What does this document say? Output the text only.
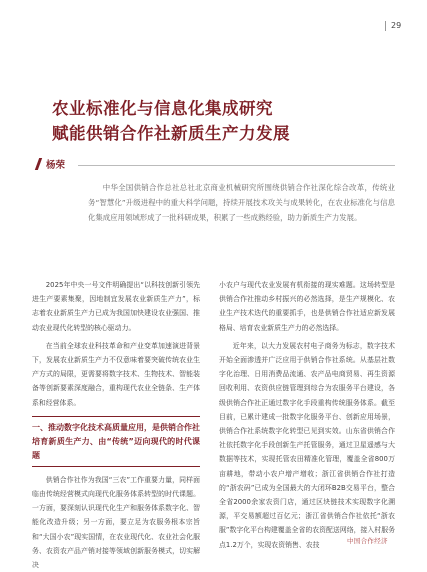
29
农业标准化与信息化集成研究
赋能供销合作社新质生产力发展
杨荣
中华全国供销合作总社总社北京商业机械研究所围绕供销合作社深化综合改革，传统业务“智慧化”升级进程中的重大科学问题，持续开展技术攻关与成果转化，在农业标准化与信息化集成应用领域形成了一批科研成果，积累了一些成熟经验，助力新质生产力发展。

2025年中央一号文件明确提出“以科技创新引领先进生产要素集聚，因地制宜发展农业新质生产力”，标志着农业新质生产力已成为我国加快建设农业强国、推动农业现代化转型的核心驱动力。

在当前全球农业科技革命和产业变革加速演进背景下，发展农业新质生产力不仅意味着要突破传统农业生产方式的局限，更需要将数字技术、生物技术、智能装备等创新要素深度融合，重构现代农业全链条、生产体系和经营体系。

一、推动数字化技术高质量应用，是供销合作社
培育新质生产力、由“传统”迈向现代的时代课题

供销合作社作为我国“三农”工作重要力量，同样面临由传统经营模式向现代化服务体系转型的时代课题。一方面，要深刻认识现代化生产和服务体系数字化、智能化改造升级；另一方面，要立足为农服务根本宗旨和“大国小农”现实国情，在农业现代化、农业社会化服务、农资农产品产销对接等领域创新服务模式，切实解决

小农户与现代农业发展有机衔接的现实难题。这场转型是供销合作社推动乡村振兴的必然选择，是生产规模化、农业生产技术迭代的重要抓手，也是供销合作社适应新发展格局、培育农业新质生产力的必然选择。

近年来，以大力发展农村电子商务为标志，数字技术开始全面渗透并广泛应用于供销合作社系统。从基层社数字化治理、日用消费品流通、农产品电商贸易、再生资源回收利用、农资供应链管理到综合为农服务平台建设，各级供销合作社正通过数字化手段重构传统服务体系。截至目前，已累计建成一批数字化服务平台、创新应用场景，供销合作社系统数字化转型已见到实效。山东省供销合作社依托数字化手段创新生产托管服务，通过卫星遥感与大数据等技术，实现托管农田精准化管理，覆盖全省800万亩耕地，带动小农户增产增收；浙江省供销合作社打造的“浙农码”已成为全国最大的大闭环B2B交易平台，整合全省2000余家农资门店，通过区块链技术实现数字化溯源，平交易额超过百亿元；浙江省供销合作社依托“浙农服”数字化平台构建覆盖全省的农资配送网络，接入村服务点1.2万个，实现农资销售、农技	中国合作经济
